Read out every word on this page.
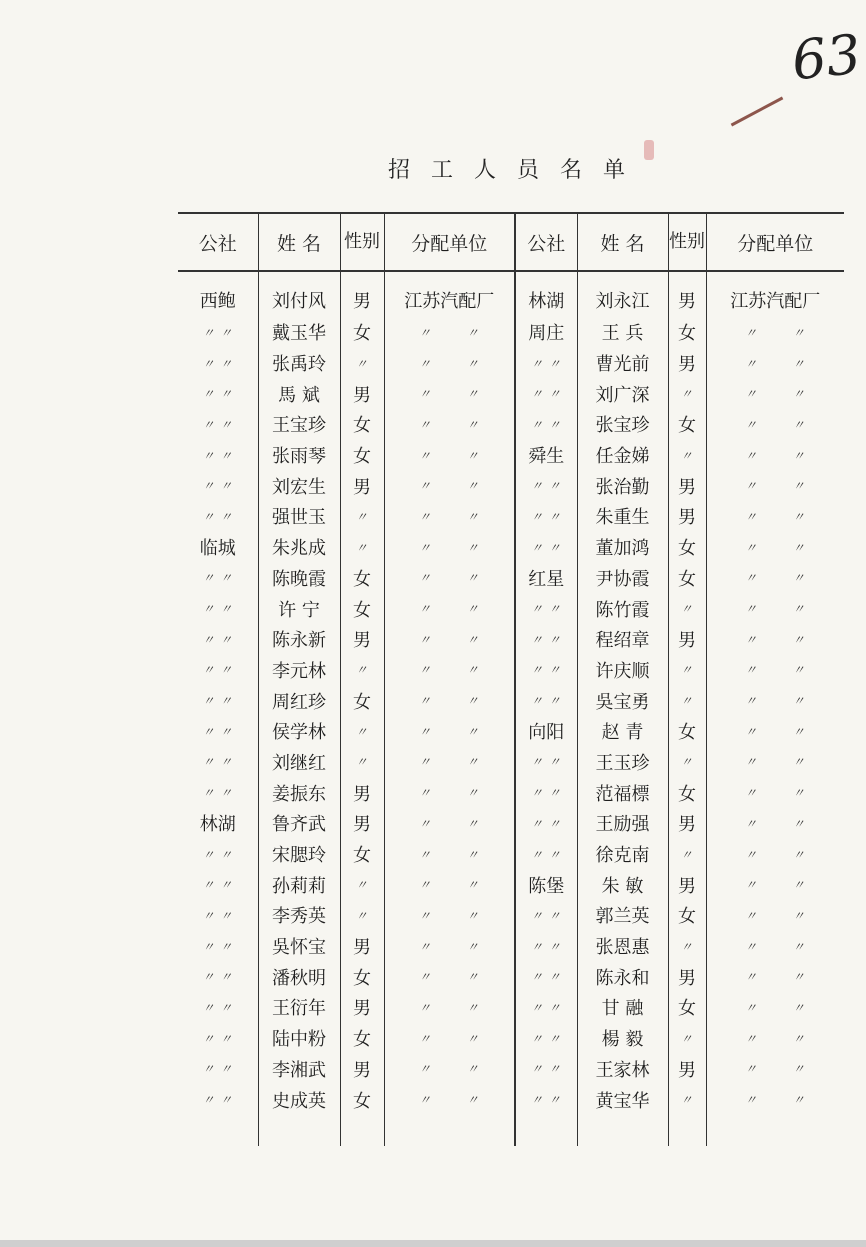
63
招工人员名单
公社	姓 名	性别	分配单位	公社	姓 名	性别	分配单位
西鲍	刘付风	男	江苏汽配厂	林湖	刘永江	男	江苏汽配厂
〃 〃	戴玉华	女	〃 〃	周庄	王 兵	女	〃 〃
〃 〃	张禹玲	〃	〃 〃	〃 〃	曹光前	男	〃 〃
〃 〃	馬 斌	男	〃 〃	〃 〃	刘广深	〃	〃 〃
〃 〃	王宝珍	女	〃 〃	〃 〃	张宝珍	女	〃 〃
〃 〃	张雨琴	女	〃 〃	舜生	任金娣	〃	〃 〃
〃 〃	刘宏生	男	〃 〃	〃 〃	张治勤	男	〃 〃
〃 〃	强世玉	〃	〃 〃	〃 〃	朱重生	男	〃 〃
临城	朱兆成	〃	〃 〃	〃 〃	董加鸿	女	〃 〃
〃 〃	陈晚霞	女	〃 〃	红星	尹协霞	女	〃 〃
〃 〃	许 宁	女	〃 〃	〃 〃	陈竹霞	〃	〃 〃
〃 〃	陈永新	男	〃 〃	〃 〃	程绍章	男	〃 〃
〃 〃	李元林	〃	〃 〃	〃 〃	许庆顺	〃	〃 〃
〃 〃	周红珍	女	〃 〃	〃 〃	吳宝勇	〃	〃 〃
〃 〃	侯学林	〃	〃 〃	向阳	赵 青	女	〃 〃
〃 〃	刘继红	〃	〃 〃	〃 〃	王玉珍	〃	〃 〃
〃 〃	姜振东	男	〃 〃	〃 〃	范福標	女	〃 〃
林湖	鲁齐武	男	〃 〃	〃 〃	王励强	男	〃 〃
〃 〃	宋腮玲	女	〃 〃	〃 〃	徐克南	〃	〃 〃
〃 〃	孙莉莉	〃	〃 〃	陈堡	朱 敏	男	〃 〃
〃 〃	李秀英	〃	〃 〃	〃 〃	郭兰英	女	〃 〃
〃 〃	吳怀宝	男	〃 〃	〃 〃	张恩惠	〃	〃 〃
〃 〃	潘秋明	女	〃 〃	〃 〃	陈永和	男	〃 〃
〃 〃	王衍年	男	〃 〃	〃 〃	甘 融	女	〃 〃
〃 〃	陆中粉	女	〃 〃	〃 〃	楊 毅	〃	〃 〃
〃 〃	李湘武	男	〃 〃	〃 〃	王家林	男	〃 〃
〃 〃	史成英	女	〃 〃	〃 〃	黄宝华	〃	〃 〃
